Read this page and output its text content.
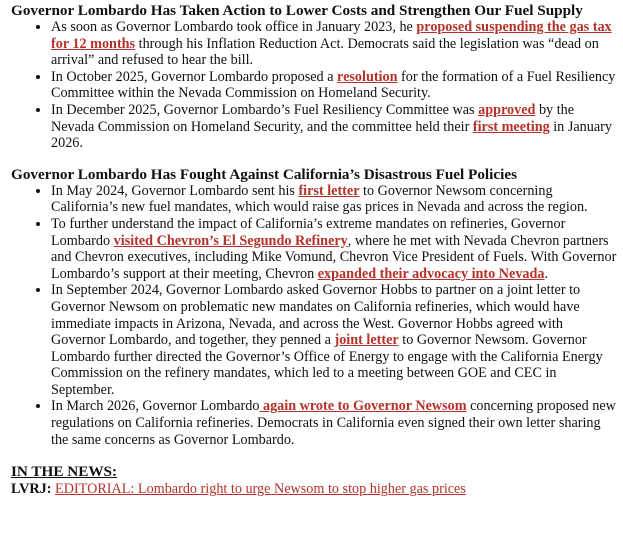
Governor Lombardo Has Taken Action to Lower Costs and Strengthen Our Fuel Supply
• As soon as Governor Lombardo took office in January 2023, he proposed suspending the gas tax for 12 months through his Inflation Reduction Act. Democrats said the legislation was “dead on arrival” and refused to hear the bill.
• In October 2025, Governor Lombardo proposed a resolution for the formation of a Fuel Resiliency Committee within the Nevada Commission on Homeland Security.
• In December 2025, Governor Lombardo’s Fuel Resiliency Committee was approved by the Nevada Commission on Homeland Security, and the committee held their first meeting in January 2026.
Governor Lombardo Has Fought Against California’s Disastrous Fuel Policies
• In May 2024, Governor Lombardo sent his first letter to Governor Newsom concerning California’s new fuel mandates, which would raise gas prices in Nevada and across the region.
• To further understand the impact of California’s extreme mandates on refineries, Governor Lombardo visited Chevron’s El Segundo Refinery, where he met with Nevada Chevron partners and Chevron executives, including Mike Vomund, Chevron Vice President of Fuels. With Governor Lombardo’s support at their meeting, Chevron expanded their advocacy into Nevada.
• In September 2024, Governor Lombardo asked Governor Hobbs to partner on a joint letter to Governor Newsom on problematic new mandates on California refineries, which would have immediate impacts in Arizona, Nevada, and across the West. Governor Hobbs agreed with Governor Lombardo, and together, they penned a joint letter to Governor Newsom. Governor Lombardo further directed the Governor’s Office of Energy to engage with the California Energy Commission on the refinery mandates, which led to a meeting between GOE and CEC in September.
• In March 2026, Governor Lombardo again wrote to Governor Newsom concerning proposed new regulations on California refineries. Democrats in California even signed their own letter sharing the same concerns as Governor Lombardo.
IN THE NEWS:
LVRJ: EDITORIAL: Lombardo right to urge Newsom to stop higher gas prices
